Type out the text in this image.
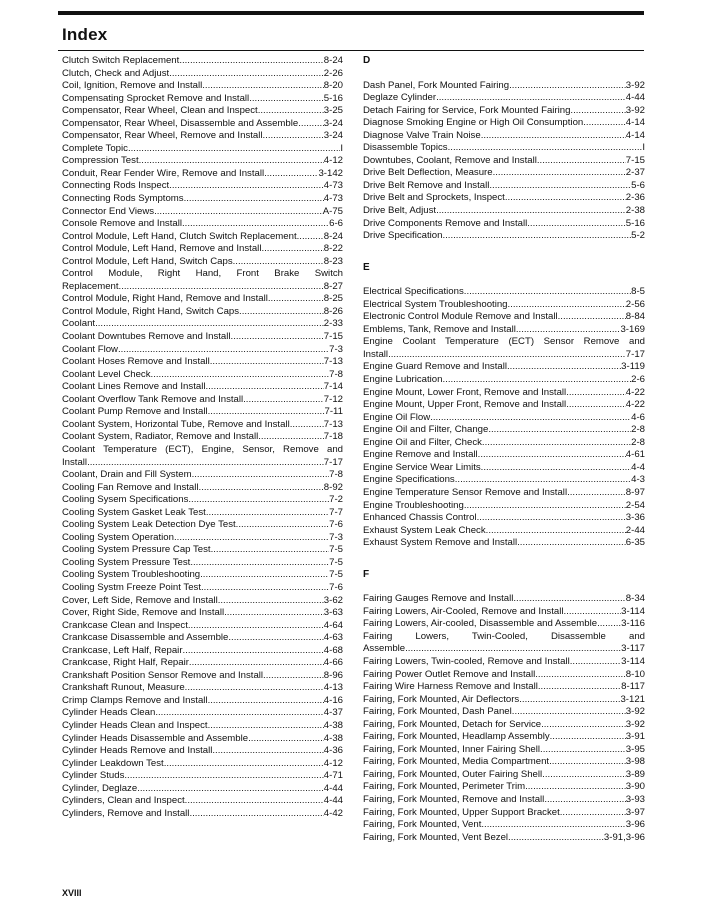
Index
Clutch Switch Replacement .....	8-24
Clutch, Check and Adjust .....	2-26
Coil, Ignition, Remove and Install .....	8-20
Compensating Sprocket Remove and Install .....	5-16
Compensator, Rear Wheel, Clean and Inspect .....	3-25
Compensator, Rear Wheel, Disassemble and Assemble .....	3-24
Compensator, Rear Wheel, Remove and Install .....	3-24
Complete Topic .....	I
Compression Test .....	4-12
Conduit, Rear Fender Wire, Remove and Install .....	3-142
Connecting Rods Inspect .....	4-73
Connecting Rods Symptoms .....	4-73
Connector End Views .....	A-75
Console Remove and Install .....	6-6
Control Module, Left Hand, Clutch Switch Replacement .....	8-24
Control Module, Left Hand, Remove and Install .....	8-22
Control Module, Left Hand, Switch Caps .....	8-23
Control Module, Right Hand, Front Brake Switch
Replacement .....	8-27
Control Module, Right Hand, Remove and Install .....	8-25
Control Module, Right Hand, Switch Caps .....	8-26
Coolant .....	2-33
Coolant Downtubes Remove and Install .....	7-15
Coolant Flow .....	7-3
Coolant Hoses Remove and Install .....	7-13
Coolant Level Check .....	7-8
Coolant Lines Remove and Install .....	7-14
Coolant Overflow Tank Remove and Install .....	7-12
Coolant Pump Remove and Install .....	7-11
Coolant System, Horizontal Tube, Remove and Install .....	7-13
Coolant System, Radiator, Remove and Install .....	7-18
Coolant Temperature (ECT), Engine, Sensor, Remove and
Install .....	7-17
Coolant, Drain and Fill System .....	7-8
Cooling Fan Remove and Install .....	8-92
Cooling Sysem Specifications .....	7-2
Cooling System Gasket Leak Test .....	7-7
Cooling System Leak Detection Dye Test .....	7-6
Cooling System Operation .....	7-3
Cooling System Pressure Cap Test .....	7-5
Cooling System Pressure Test .....	7-5
Cooling System Troubleshooting .....	7-5
Cooling Systm Freeze Point Test .....	7-6
Cover, Left Side, Remove and Install .....	3-62
Cover, Right Side, Remove and Install .....	3-63
Crankcase Clean and Inspect .....	4-64
Crankcase Disassemble and Assemble .....	4-63
Crankcase, Left Half, Repair .....	4-68
Crankcase, Right Half, Repair .....	4-66
Crankshaft Position Sensor Remove and Install .....	8-96
Crankshaft Runout, Measure .....	4-13
Crimp Clamps Remove and Install .....	4-16
Cylinder Heads Clean .....	4-37
Cylinder Heads Clean and Inspect .....	4-38
Cylinder Heads Disassemble and Assemble .....	4-38
Cylinder Heads Remove and Install .....	4-36
Cylinder Leakdown Test .....	4-12
Cylinder Studs .....	4-71
Cylinder, Deglaze .....	4-44
Cylinders, Clean and Inspect .....	4-44
Cylinders, Remove and Install .....	4-42
D
Dash Panel, Fork Mounted Fairing .....	3-92
Deglaze Cylinder .....	4-44
Detach Fairing for Service, Fork Mounted Fairing .....	3-92
Diagnose Smoking Engine or High Oil Consumption .....	4-14
Diagnose Valve Train Noise .....	4-14
Disassemble Topics .....	I
Downtubes, Coolant, Remove and Install .....	7-15
Drive Belt Deflection, Measure .....	2-37
Drive Belt Remove and Install .....	5-6
Drive Belt and Sprockets, Inspect .....	2-36
Drive Belt, Adjust .....	2-38
Drive Components Remove and Install .....	5-16
Drive Specification .....	5-2
E
Electrical Specifications .....	8-5
Electrical System Troubleshooting .....	2-56
Electronic Control Module Remove and Install .....	8-84
Emblems, Tank, Remove and Install .....	3-169
Engine Coolant Temperature (ECT) Sensor Remove and
Install .....	7-17
Engine Guard Remove and Install .....	3-119
Engine Lubrication .....	2-6
Engine Mount, Lower Front, Remove and Install .....	4-22
Engine Mount, Upper Front, Remove and Install .....	4-22
Engine Oil Flow .....	4-6
Engine Oil and Filter, Change .....	2-8
Engine Oil and Filter, Check .....	2-8
Engine Remove and Install .....	4-61
Engine Service Wear Limits .....	4-4
Engine Specifications .....	4-3
Engine Temperature Sensor Remove and Install .....	8-97
Engine Troubleshooting .....	2-54
Enhanced Chassis Control .....	3-36
Exhaust System Leak Check .....	2-44
Exhaust System Remove and Install .....	6-35
F
Fairing Gauges Remove and Install .....	8-34
Fairing Lowers, Air-Cooled, Remove and Install .....	3-114
Fairing Lowers, Air-cooled, Disassemble and Assemble .....	3-116
Fairing Lowers, Twin-Cooled, Disassemble and
Assemble .....	3-117
Fairing Lowers, Twin-cooled, Remove and Install .....	3-114
Fairing Power Outlet Remove and Install .....	8-10
Fairing Wire Harness Remove and Install .....	8-117
Fairing, Fork Mounted, Air Deflectors .....	3-121
Fairing, Fork Mounted, Dash Panel .....	3-92
Fairing, Fork Mounted, Detach for Service .....	3-92
Fairing, Fork Mounted, Headlamp Assembly .....	3-91
Fairing, Fork Mounted, Inner Fairing Shell .....	3-95
Fairing, Fork Mounted, Media Compartment .....	3-98
Fairing, Fork Mounted, Outer Fairing Shell .....	3-89
Fairing, Fork Mounted, Perimeter Trim .....	3-90
Fairing, Fork Mounted, Remove and Install .....	3-93
Fairing, Fork Mounted, Upper Support Bracket .....	3-97
Fairing, Fork Mounted, Vent .....	3-96
Fairing, Fork Mounted, Vent Bezel .....	3-91,3-96
XVIII
